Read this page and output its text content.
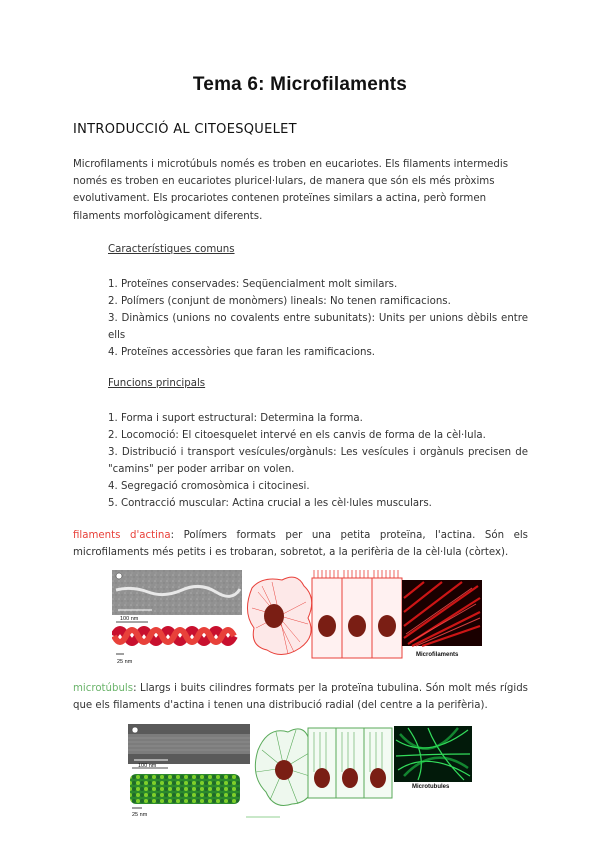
Tema 6: Microfilaments
INTRODUCCIÓ AL CITOESQUELET
Microfilaments i microtúbuls només es troben en eucariotes. Els filaments intermedis
només es troben en eucariotes pluricel·lulars, de manera que són els més pròxims
evolutivament. Els procariotes contenen proteïnes similars a actina, però formen
filaments morfològicament diferents.
Característiques comuns
1. Proteïnes conservades: Seqüencialment molt similars.
2. Polímers (conjunt de monòmers) lineals: No tenen ramificacions.
3. Dinàmics (unions no covalents entre subunitats): Units per unions dèbils entre ells
4. Proteïnes accessòries que faran les ramificacions.
Funcions principals
1. Forma i suport estructural: Determina la forma.
2. Locomoció: El citoesquelet intervé en els canvis de forma de la cèl·lula.
3. Distribució i transport vesícules/orgànuls: Les vesícules i orgànuls precisen de "camins" per poder arribar on volen.
4. Segregació cromosòmica i citocinesi.
5. Contracció muscular: Actina crucial a les cèl·lules musculars.
filaments d'actina: Polímers formats per una petita proteïna, l'actina. Són els microfilaments més petits i es trobaran, sobretot, a la perifèria de la cèl·lula (còrtex).
100 nm
25 nm
Microfilaments
microtúbuls: Llargs i buits cilindres formats per la proteïna tubulina. Són molt més rígids que els filaments d'actina i tenen una distribució radial (del centre a la perifèria).
100 nm
25 nm
Microtubules
